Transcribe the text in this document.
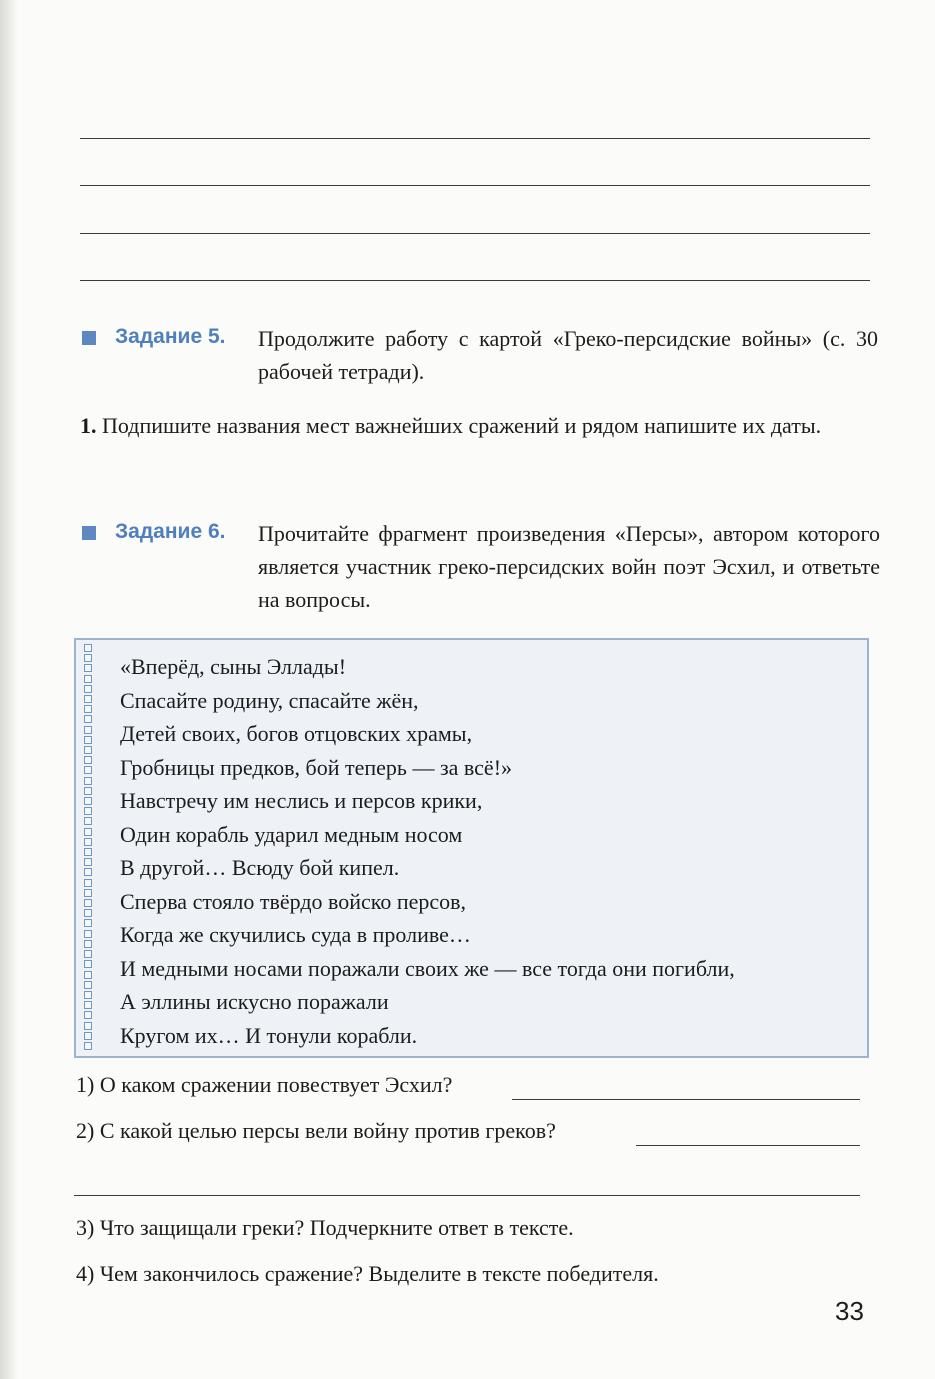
Задание 5. Продолжите работу с картой «Греко-персидские войны» (с. 30 рабочей тетради).
1. Подпишите названия мест важнейших сражений и рядом напишите их даты.
Задание 6. Прочитайте фрагмент произведения «Персы», автором которого является участник греко-персидских войн поэт Эсхил, и ответьте на вопросы.
«Вперёд, сыны Эллады!
Спасайте родину, спасайте жён,
Детей своих, богов отцовских храмы,
Гробницы предков, бой теперь — за всё!»
Навстречу им неслись и персов крики,
Один корабль ударил медным носом
В другой… Всюду бой кипел.
Сперва стояло твёрдо войско персов,
Когда же скучились суда в проливе…
И медными носами поражали своих же — все тогда они погибли,
А эллины искусно поражали
Кругом их… И тонули корабли.
1) О каком сражении повествует Эсхил?
2) С какой целью персы вели войну против греков?
3) Что защищали греки? Подчеркните ответ в тексте.
4) Чем закончилось сражение? Выделите в тексте победителя.
33
